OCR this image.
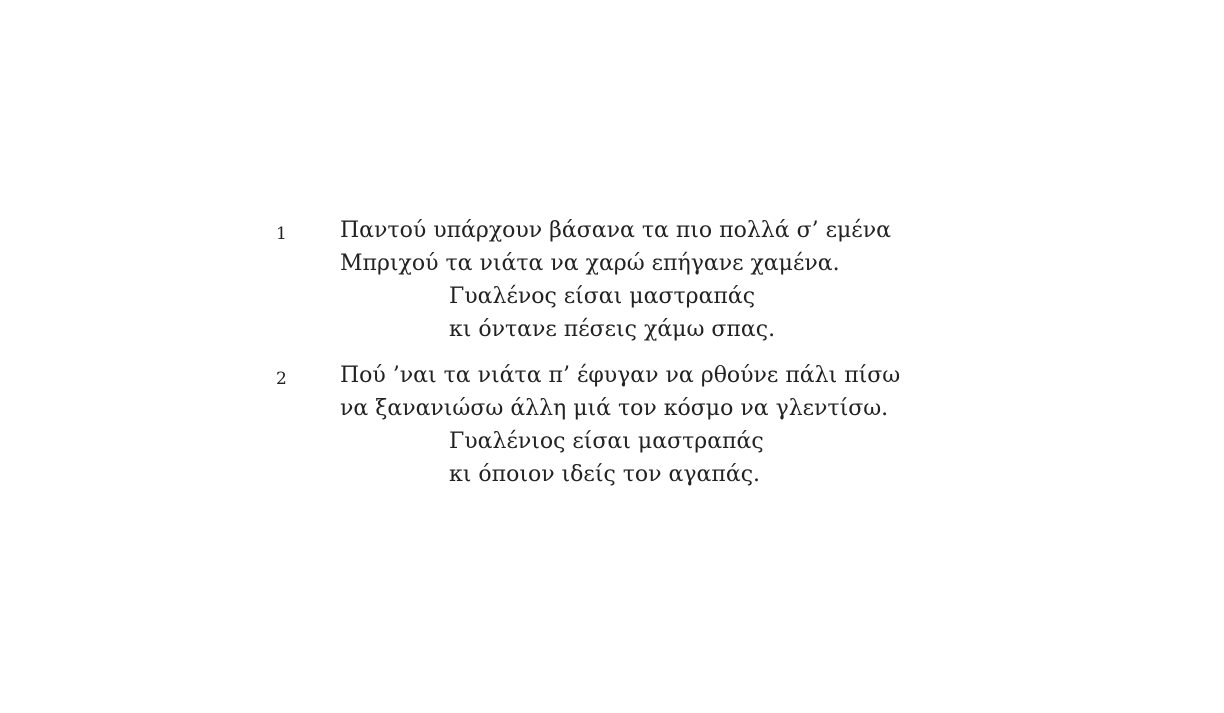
1 Παντού υπάρχουν βάσανα τα πιο πολλά σ’ εμένα
Μπριχού τα νιάτα να χαρώ επήγανε χαμένα.
Γυαλένος είσαι μαστραπάς
κι όντανε πέσεις χάμω σπας.
2 Πού ’ναι τα νιάτα π’ έφυγαν να ρθούνε πάλι πίσω
να ξανανιώσω άλλη μιά τον κόσμο να γλεντίσω.
Γυαλένιος είσαι μαστραπάς
κι όποιον ιδείς τον αγαπάς.
